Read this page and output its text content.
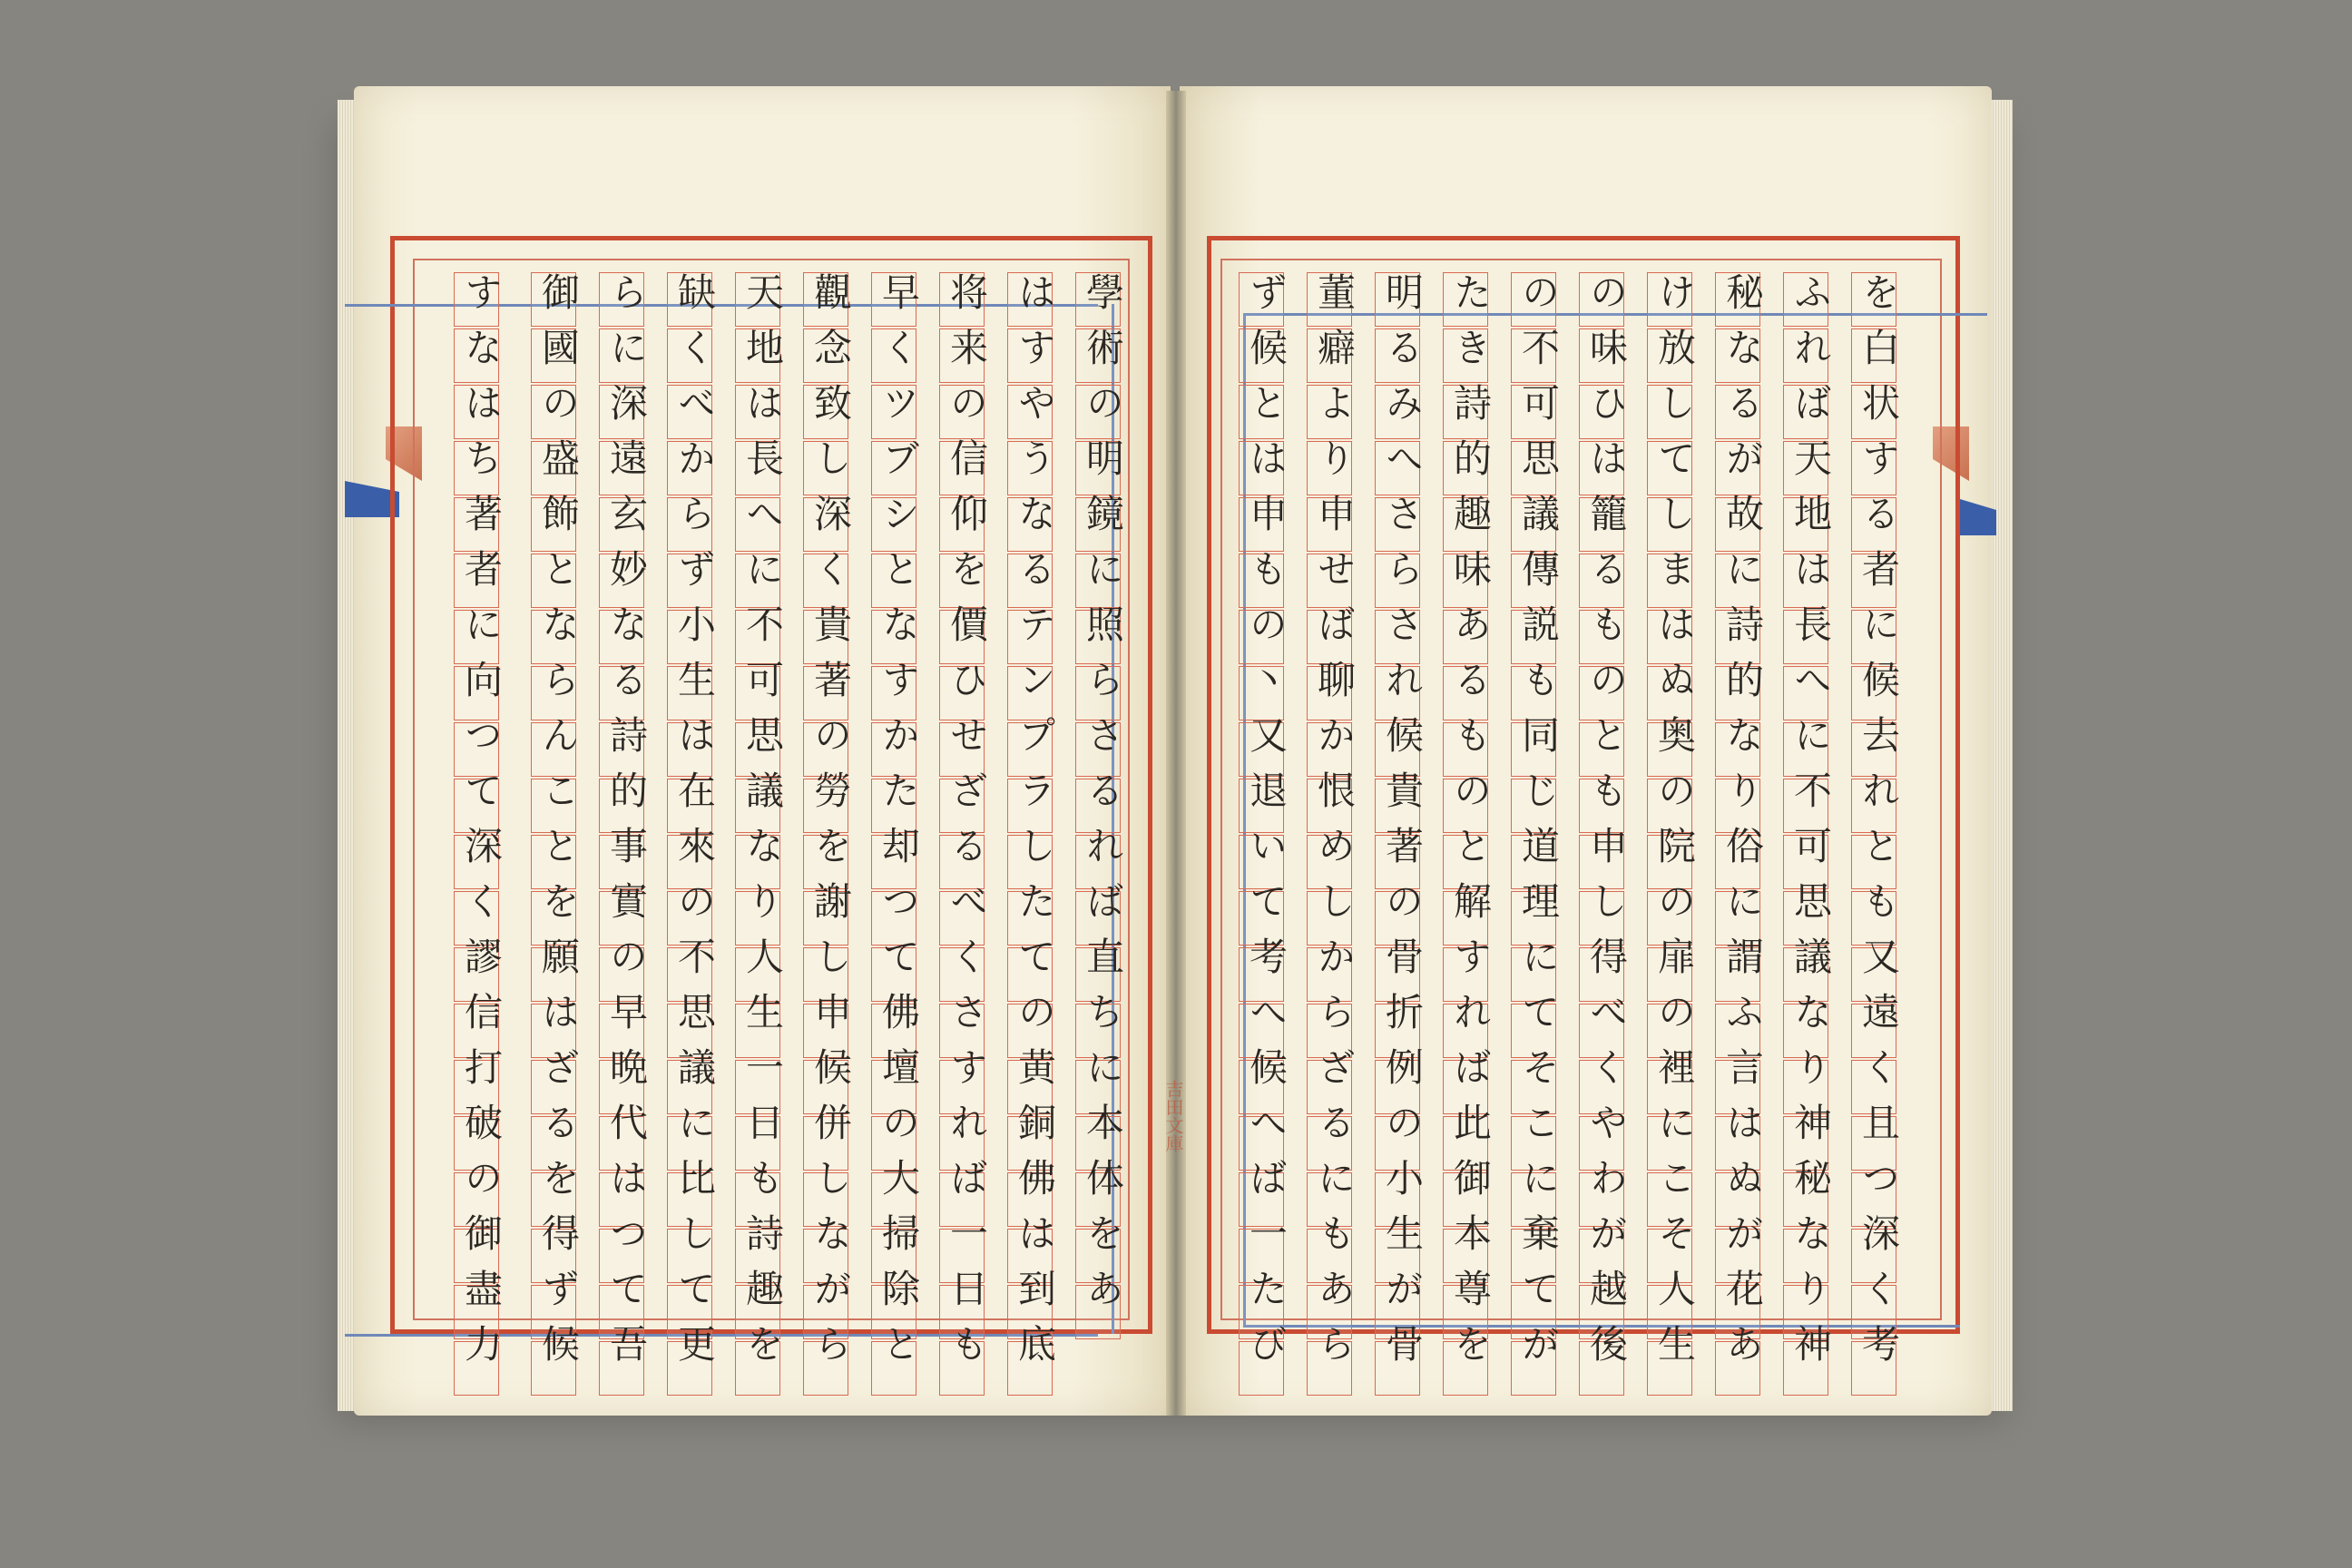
學術の明鏡に照らさるれば直ちに本体をあ
はすやうなるテンプラしたての黄銅佛は到底
将来の信仰を價ひせざるべくさすれば一日も
早くツブシとなすかた却つて佛壇の大掃除と
觀念致し深く貴著の勞を謝し申候併しながら
天地は長へに不可思議なり人生一日も詩趣を
缺くべからず小生は在來の不思議に比して更
らに深遠玄妙なる詩的事實の早晩代はつて吾
御國の盛飾とならんことを願はざるを得ず候
すなはち著者に向つて深く謬信打破の御盡力	を白状する者に候去れとも又遠く且つ深く考
ふれば天地は長へに不可思議なり神秘なり神
秘なるが故に詩的なり俗に謂ふ言はぬが花あ
け放してしまはぬ奥の院の扉の裡にこそ人生
の味ひは籠るものとも申し得べくやわが越後
の不可思議傳説も同じ道理にてそこに棄てが
たき詩的趣味あるものと解すれば此御本尊を
明るみへさらされ候貴著の骨折例の小生が骨
董癖より申せば聊か恨めしからざるにもあら
ず候とは申もの丶又退いて考へ候へば一たび
吉田文庫
